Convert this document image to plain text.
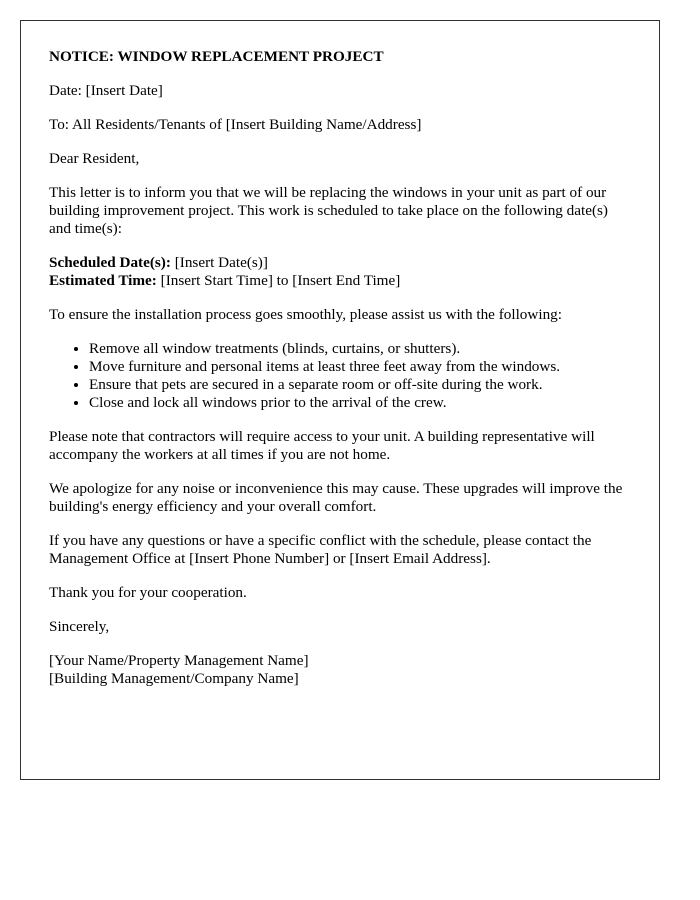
NOTICE: WINDOW REPLACEMENT PROJECT

Date: [Insert Date]

To: All Residents/Tenants of [Insert Building Name/Address]

Dear Resident,

This letter is to inform you that we will be replacing the windows in your unit as part of our building improvement project. This work is scheduled to take place on the following date(s) and time(s):

Scheduled Date(s): [Insert Date(s)]
Estimated Time: [Insert Start Time] to [Insert End Time]

To ensure the installation process goes smoothly, please assist us with the following:

• Remove all window treatments (blinds, curtains, or shutters).
• Move furniture and personal items at least three feet away from the windows.
• Ensure that pets are secured in a separate room or off-site during the work.
• Close and lock all windows prior to the arrival of the crew.

Please note that contractors will require access to your unit. A building representative will accompany the workers at all times if you are not home.

We apologize for any noise or inconvenience this may cause. These upgrades will improve the building's energy efficiency and your overall comfort.

If you have any questions or have a specific conflict with the schedule, please contact the Management Office at [Insert Phone Number] or [Insert Email Address].

Thank you for your cooperation.

Sincerely,

[Your Name/Property Management Name]
[Building Management/Company Name]
